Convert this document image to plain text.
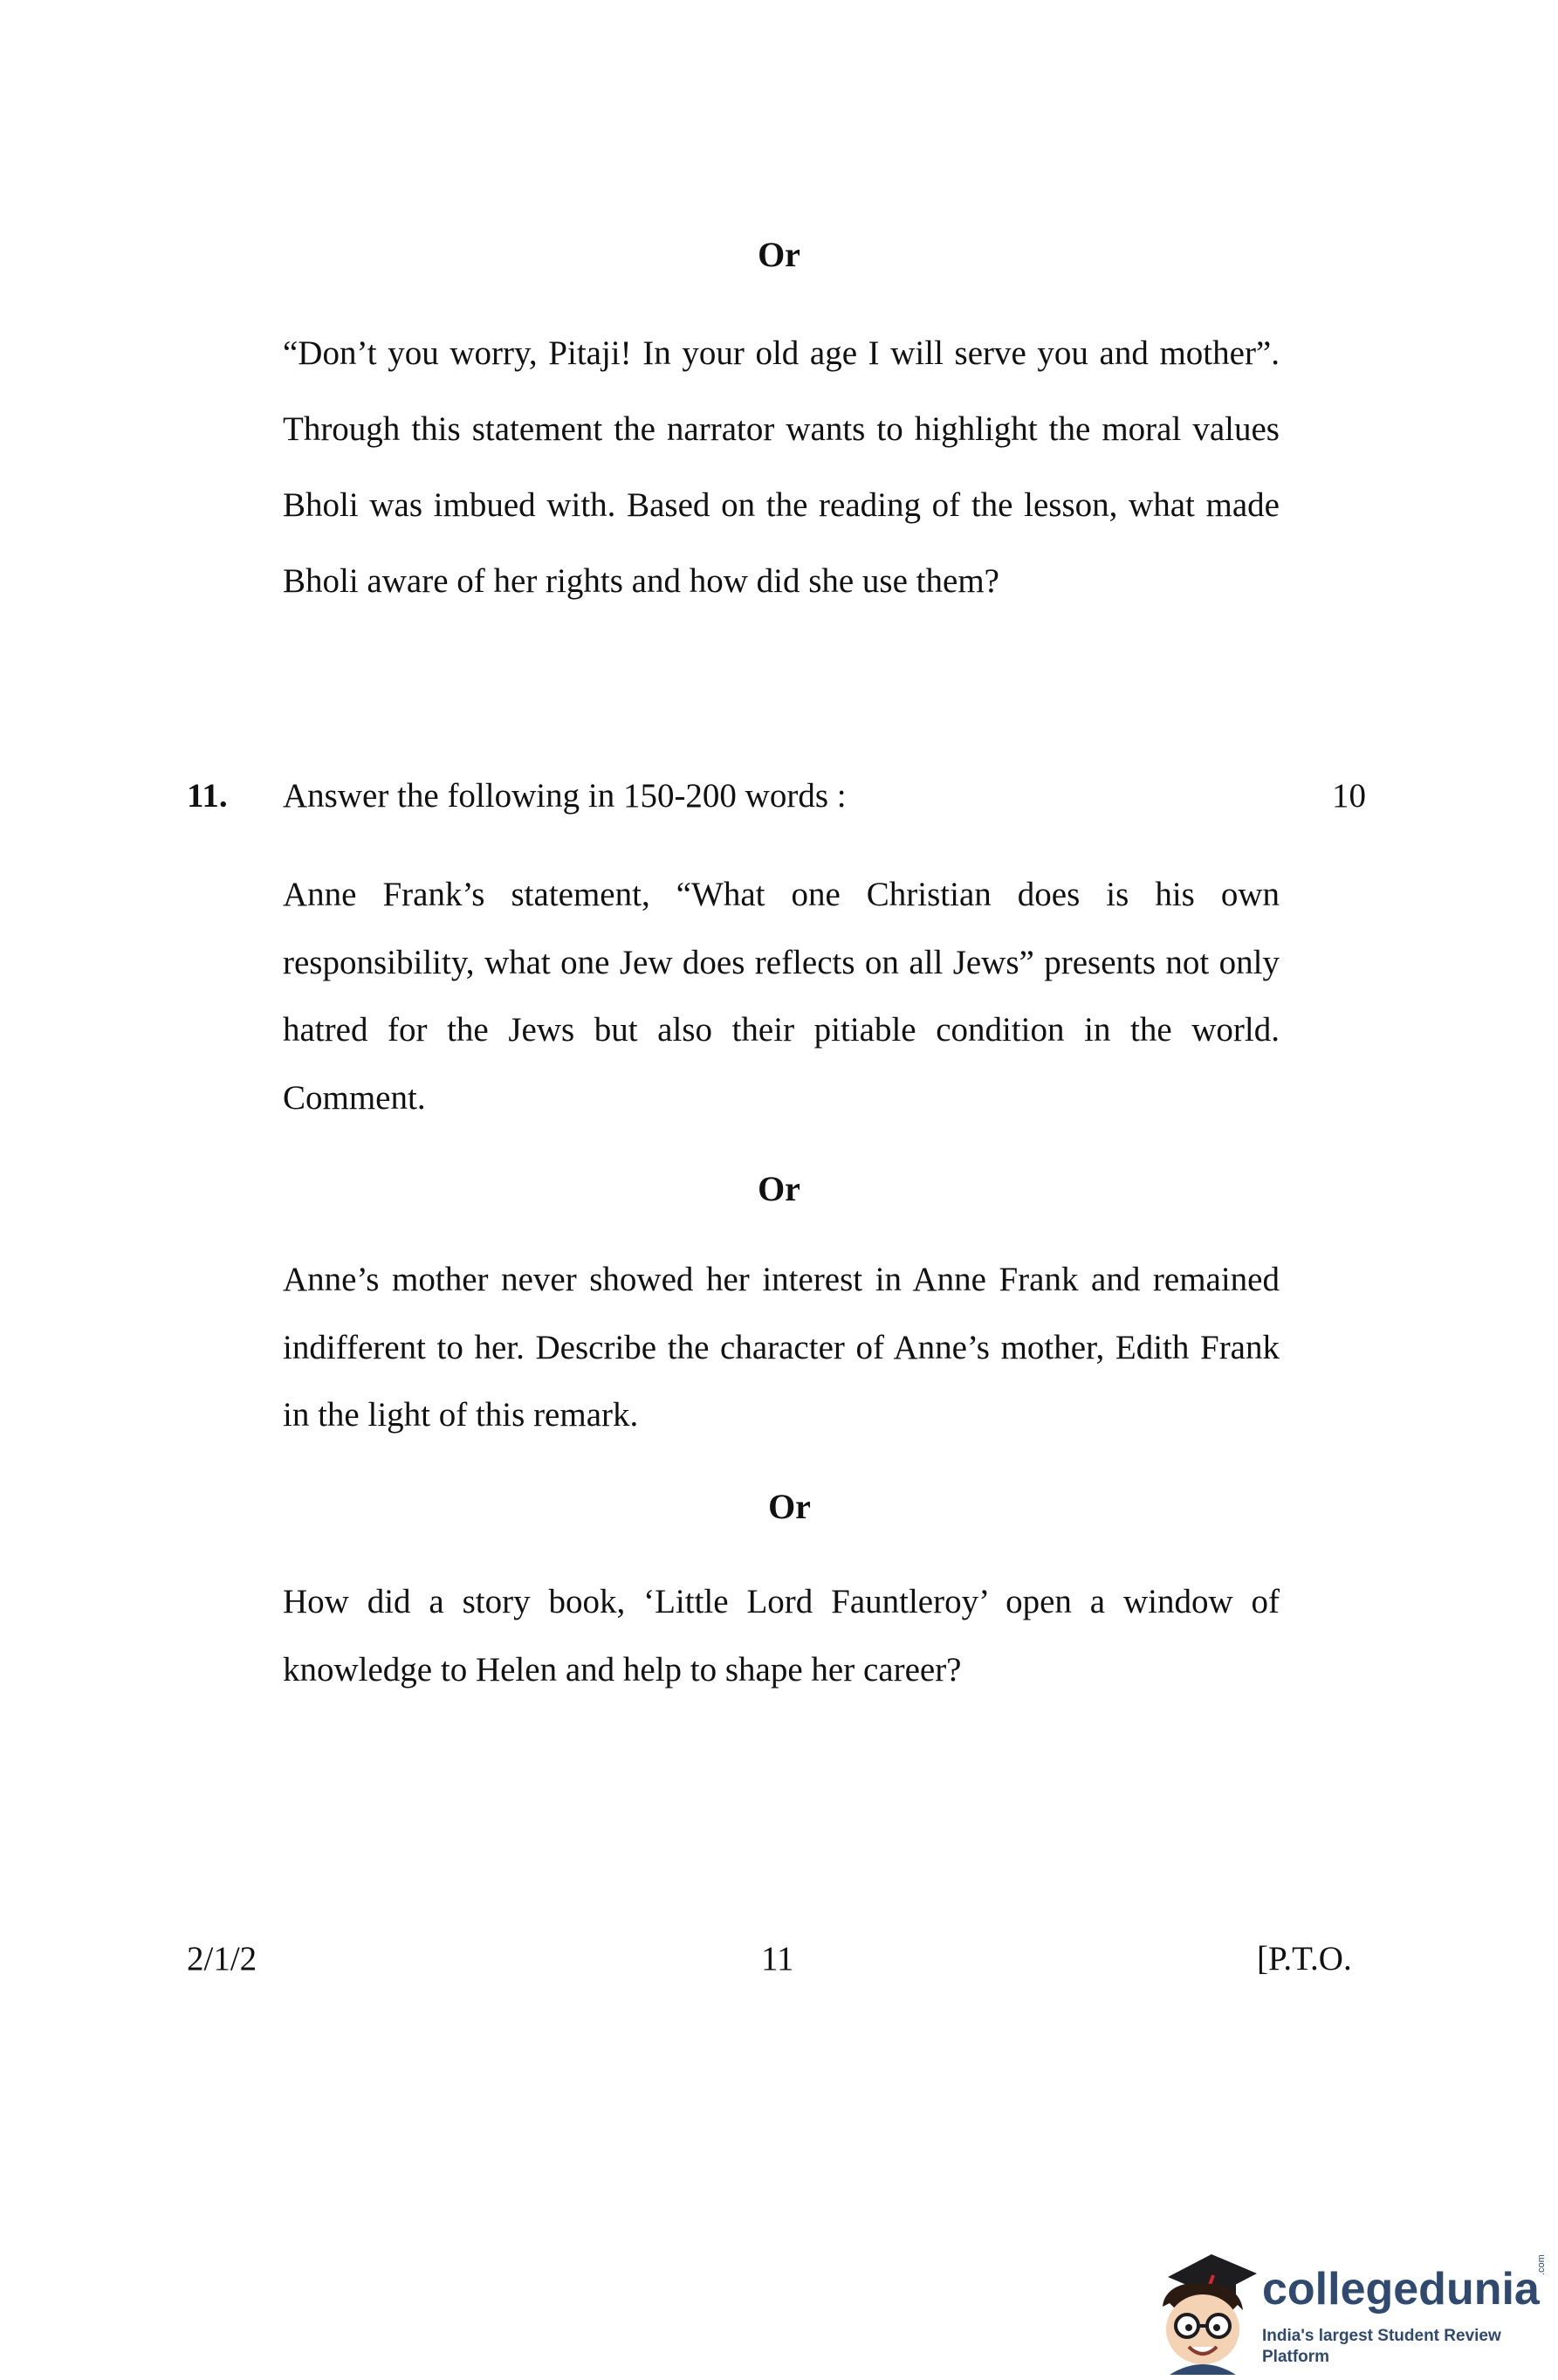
Or

“Don’t you worry, Pitaji! In your old age I will serve you and mother”. Through this statement the narrator wants to highlight the moral values Bholi was imbued with. Based on the reading of the lesson, what made Bholi aware of her rights and how did she use them?

11. Answer the following in 150-200 words :	10

Anne Frank’s statement, “What one Christian does is his own responsibility, what one Jew does reflects on all Jews” presents not only hatred for the Jews but also their pitiable condition in the world. Comment.

Or

Anne’s mother never showed her interest in Anne Frank and remained indifferent to her. Describe the character of Anne’s mother, Edith Frank in the light of this remark.

Or

How did a story book, ‘Little Lord Fauntleroy’ open a window of knowledge to Helen and help to shape her career?

2/1/2	11	[P.T.O.
collegedunia
.com
India's largest Student Review Platform
